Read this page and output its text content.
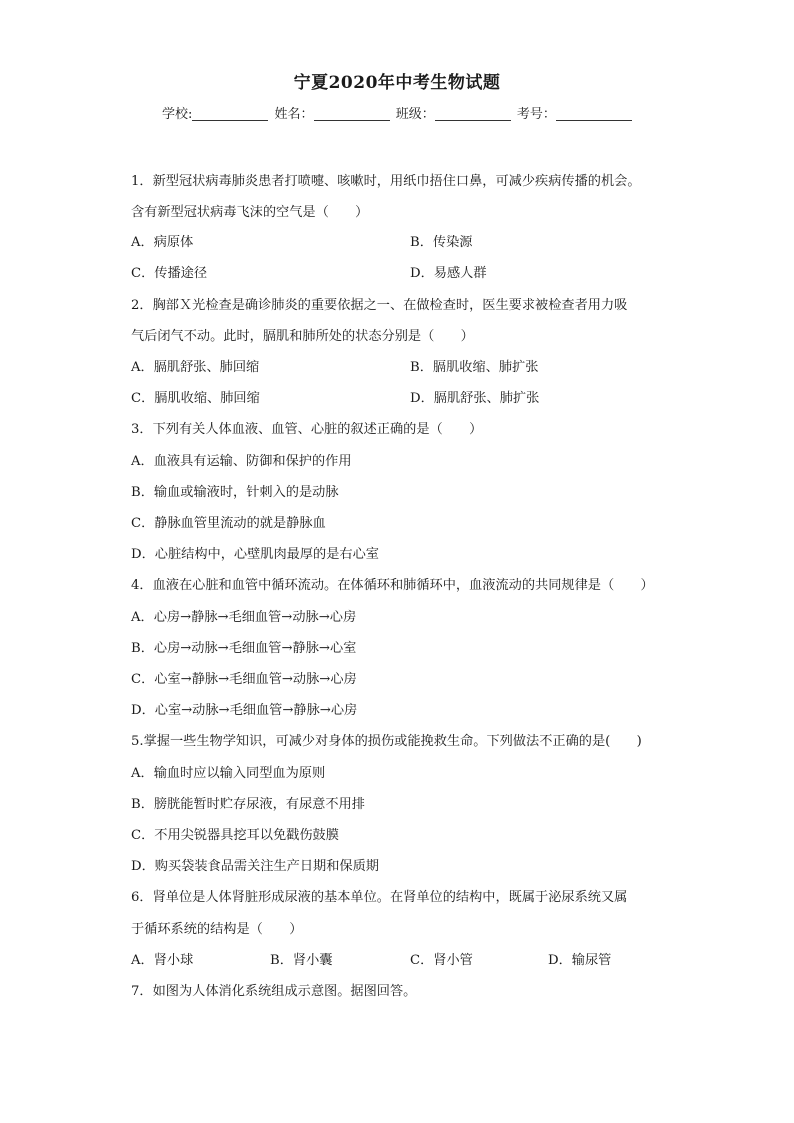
宁夏2020年中考生物试题
学校:	姓名：	班级：	考号：
1．新型冠状病毒肺炎患者打喷嚏、咳嗽时，用纸巾捂住口鼻，可减少疾病传播的机会。
含有新型冠状病毒飞沫的空气是（　　）
A．病原体	B．传染源
C．传播途径	D．易感人群
2．胸部Ｘ光检查是确诊肺炎的重要依据之一、在做检查时，医生要求被检查者用力吸
气后闭气不动。此时，膈肌和肺所处的状态分别是（　　）
A．膈肌舒张、肺回缩	B．膈肌收缩、肺扩张
C．膈肌收缩、肺回缩	D．膈肌舒张、肺扩张
3．下列有关人体血液、血管、心脏的叙述正确的是（　　）
A．血液具有运输、防御和保护的作用
B．输血或输液时，针刺入的是动脉
C．静脉血管里流动的就是静脉血
D．心脏结构中，心壁肌肉最厚的是右心室
4．血液在心脏和血管中循环流动。在体循环和肺循环中，血液流动的共同规律是（　　）
A．心房→静脉→毛细血管→动脉→心房
B．心房→动脉→毛细血管→静脉→心室
C．心室→静脉→毛细血管→动脉→心房
D．心室→动脉→毛细血管→静脉→心房
5.掌握一些生物学知识，可减少对身体的损伤或能挽救生命。下列做法不正确的是(　　)
A．输血时应以输入同型血为原则
B．膀胱能暂时贮存尿液，有尿意不用排
C．不用尖锐器具挖耳以免戳伤鼓膜
D．购买袋装食品需关注生产日期和保质期
6．肾单位是人体肾脏形成尿液的基本单位。在肾单位的结构中，既属于泌尿系统又属
于循环系统的结构是（　　）
A．肾小球	B．肾小囊	C．肾小管	D．输尿管
7．如图为人体消化系统组成示意图。据图回答。
